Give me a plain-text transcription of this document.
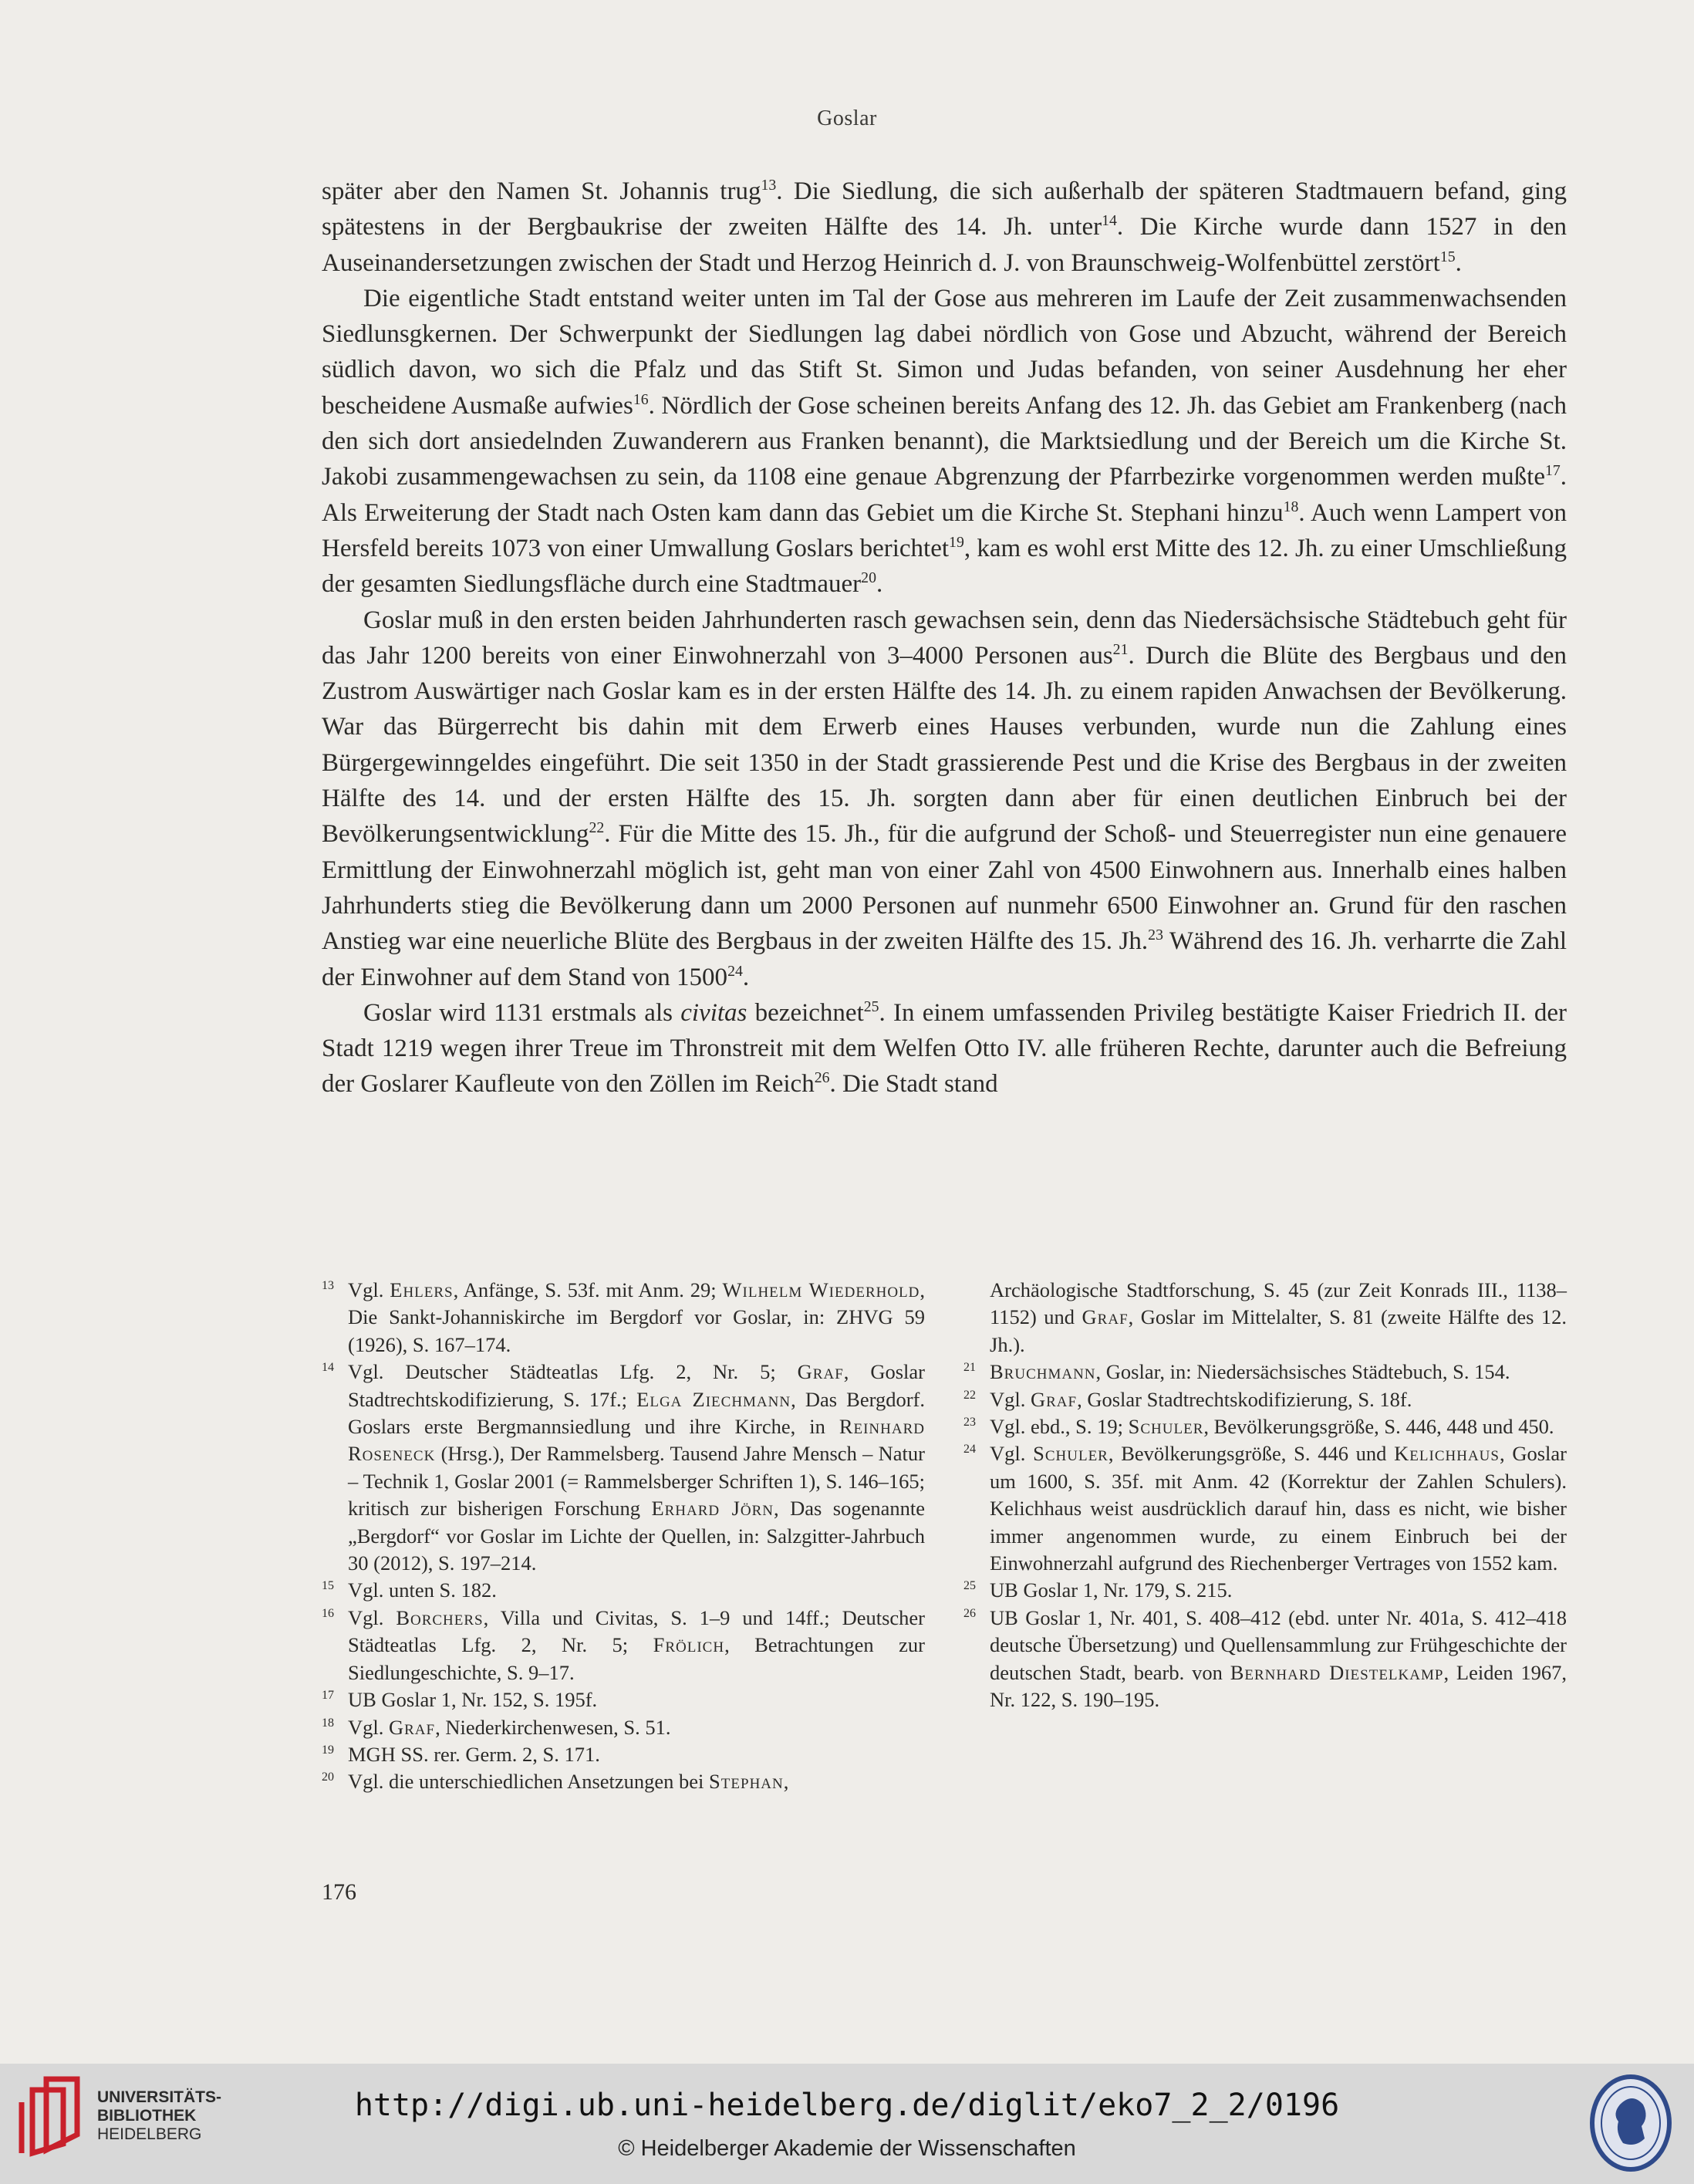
Goslar

später aber den Namen St. Johannis trug$^{13}$. Die Siedlung, die sich außerhalb der späteren Stadtmauern befand, ging spätestens in der Bergbaukrise der zweiten Hälfte des 14. Jh. unter$^{14}$. Die Kirche wurde dann 1527 in den Auseinandersetzungen zwischen der Stadt und Herzog Heinrich d. J. von Braunschweig-Wolfenbüttel zerstört$^{15}$.

Die eigentliche Stadt entstand weiter unten im Tal der Gose aus mehreren im Laufe der Zeit zusammenwachsenden Siedlunsgkernen. Der Schwerpunkt der Siedlungen lag dabei nördlich von Gose und Abzucht, während der Bereich südlich davon, wo sich die Pfalz und das Stift St. Simon und Judas befanden, von seiner Ausdehnung her eher bescheidene Ausmaße aufwies$^{16}$. Nördlich der Gose scheinen bereits Anfang des 12. Jh. das Gebiet am Frankenberg (nach den sich dort ansiedelnden Zuwanderern aus Franken benannt), die Marktsiedlung und der Bereich um die Kirche St. Jakobi zusammengewachsen zu sein, da 1108 eine genaue Abgrenzung der Pfarrbezirke vorgenommen werden mußte$^{17}$. Als Erweiterung der Stadt nach Osten kam dann das Gebiet um die Kirche St. Stephani hinzu$^{18}$. Auch wenn Lampert von Hersfeld bereits 1073 von einer Umwallung Goslars berichtet$^{19}$, kam es wohl erst Mitte des 12. Jh. zu einer Umschließung der gesamten Siedlungsfläche durch eine Stadtmauer$^{20}$.

Goslar muß in den ersten beiden Jahrhunderten rasch gewachsen sein, denn das Niedersächsische Städtebuch geht für das Jahr 1200 bereits von einer Einwohnerzahl von 3–4000 Personen aus$^{21}$. Durch die Blüte des Bergbaus und den Zustrom Auswärtiger nach Goslar kam es in der ersten Hälfte des 14. Jh. zu einem rapiden Anwachsen der Bevölkerung. War das Bürgerrecht bis dahin mit dem Erwerb eines Hauses verbunden, wurde nun die Zahlung eines Bürgergewinngeldes eingeführt. Die seit 1350 in der Stadt grassierende Pest und die Krise des Bergbaus in der zweiten Hälfte des 14. und der ersten Hälfte des 15. Jh. sorgten dann aber für einen deutlichen Einbruch bei der Bevölkerungsentwicklung$^{22}$. Für die Mitte des 15. Jh., für die aufgrund der Schoß- und Steuerregister nun eine genauere Ermittlung der Einwohnerzahl möglich ist, geht man von einer Zahl von 4500 Einwohnern aus. Innerhalb eines halben Jahrhunderts stieg die Bevölkerung dann um 2000 Personen auf nunmehr 6500 Einwohner an. Grund für den raschen Anstieg war eine neuerliche Blüte des Bergbaus in der zweiten Hälfte des 15. Jh.$^{23}$ Während des 16. Jh. verharrte die Zahl der Einwohner auf dem Stand von 1500$^{24}$.

Goslar wird 1131 erstmals als civitas bezeichnet$^{25}$. In einem umfassenden Privileg bestätigte Kaiser Friedrich II. der Stadt 1219 wegen ihrer Treue im Thronstreit mit dem Welfen Otto IV. alle früheren Rechte, darunter auch die Befreiung der Goslarer Kaufleute von den Zöllen im Reich$^{26}$. Die Stadt stand

13 Vgl. Ehlers, Anfänge, S. 53f. mit Anm. 29; Wilhelm Wiederhold, Die Sankt-Johanniskirche im Bergdorf vor Goslar, in: ZHVG 59 (1926), S. 167–174.
14 Vgl. Deutscher Städteatlas Lfg. 2, Nr. 5; Graf, Goslar Stadtrechtskodifizierung, S. 17f.; Elga Ziechmann, Das Bergdorf. Goslars erste Bergmannsiedlung und ihre Kirche, in Reinhard Roseneck (Hrsg.), Der Rammelsberg. Tausend Jahre Mensch – Natur – Technik 1, Goslar 2001 (= Rammelsberger Schriften 1), S. 146–165; kritisch zur bisherigen Forschung Erhard Jörn, Das sogenannte „Bergdorf“ vor Goslar im Lichte der Quellen, in: Salzgitter-Jahrbuch 30 (2012), S. 197–214.
15 Vgl. unten S. 182.
16 Vgl. Borchers, Villa und Civitas, S. 1–9 und 14ff.; Deutscher Städteatlas Lfg. 2, Nr. 5; Frölich, Betrachtungen zur Siedlungeschichte, S. 9–17.
17 UB Goslar 1, Nr. 152, S. 195f.
18 Vgl. Graf, Niederkirchenwesen, S. 51.
19 MGH SS. rer. Germ. 2, S. 171.
20 Vgl. die unterschiedlichen Ansetzungen bei Stephan,
Archäologische Stadtforschung, S. 45 (zur Zeit Konrads III., 1138–1152) und Graf, Goslar im Mittelalter, S. 81 (zweite Hälfte des 12. Jh.).
21 Bruchmann, Goslar, in: Niedersächsisches Städtebuch, S. 154.
22 Vgl. Graf, Goslar Stadtrechtskodifizierung, S. 18f.
23 Vgl. ebd., S. 19; Schuler, Bevölkerungsgröße, S. 446, 448 und 450.
24 Vgl. Schuler, Bevölkerungsgröße, S. 446 und Kelichhaus, Goslar um 1600, S. 35f. mit Anm. 42 (Korrektur der Zahlen Schulers). Kelichhaus weist ausdrücklich darauf hin, dass es nicht, wie bisher immer angenommen wurde, zu einem Einbruch bei der Einwohnerzahl aufgrund des Riechenberger Vertrages von 1552 kam.
25 UB Goslar 1, Nr. 179, S. 215.
26 UB Goslar 1, Nr. 401, S. 408–412 (ebd. unter Nr. 401a, S. 412–418 deutsche Übersetzung) und Quellensammlung zur Frühgeschichte der deutschen Stadt, bearb. von Bernhard Diestelkamp, Leiden 1967, Nr. 122, S. 190–195.
176
UNIVERSITÄTS-
BIBLIOTHEK
HEIDELBERG
http://digi.ub.uni-heidelberg.de/diglit/eko7_2_2/0196
© Heidelberger Akademie der Wissenschaften
